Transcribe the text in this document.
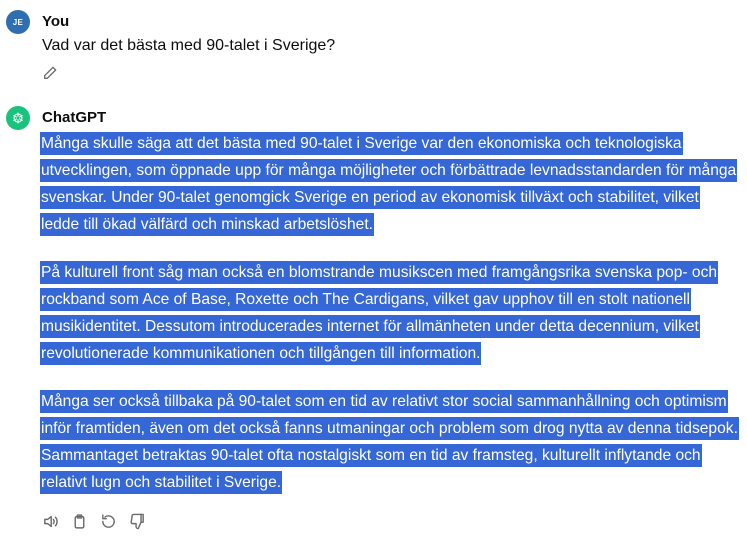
JE	You
Vad var det bästa med 90-talet i Sverige?
ChatGPT

Många skulle säga att det bästa med 90-talet i Sverige var den ekonomiska och teknologiska utvecklingen, som öppnade upp för många möjligheter och förbättrade levnadsstandarden för många svenskar. Under 90-talet genomgick Sverige en period av ekonomisk tillväxt och stabilitet, vilket ledde till ökad välfärd och minskad arbetslöshet.

På kulturell front såg man också en blomstrande musikscen med framgångsrika svenska pop- och rockband som Ace of Base, Roxette och The Cardigans, vilket gav upphov till en stolt nationell musikidentitet. Dessutom introducerades internet för allmänheten under detta decennium, vilket revolutionerade kommunikationen och tillgången till information.

Många ser också tillbaka på 90-talet som en tid av relativt stor social sammanhållning och optimism inför framtiden, även om det också fanns utmaningar och problem som drog nytta av denna tidsepok. Sammantaget betraktas 90-talet ofta nostalgiskt som en tid av framsteg, kulturellt inflytande och relativt lugn och stabilitet i Sverige.
